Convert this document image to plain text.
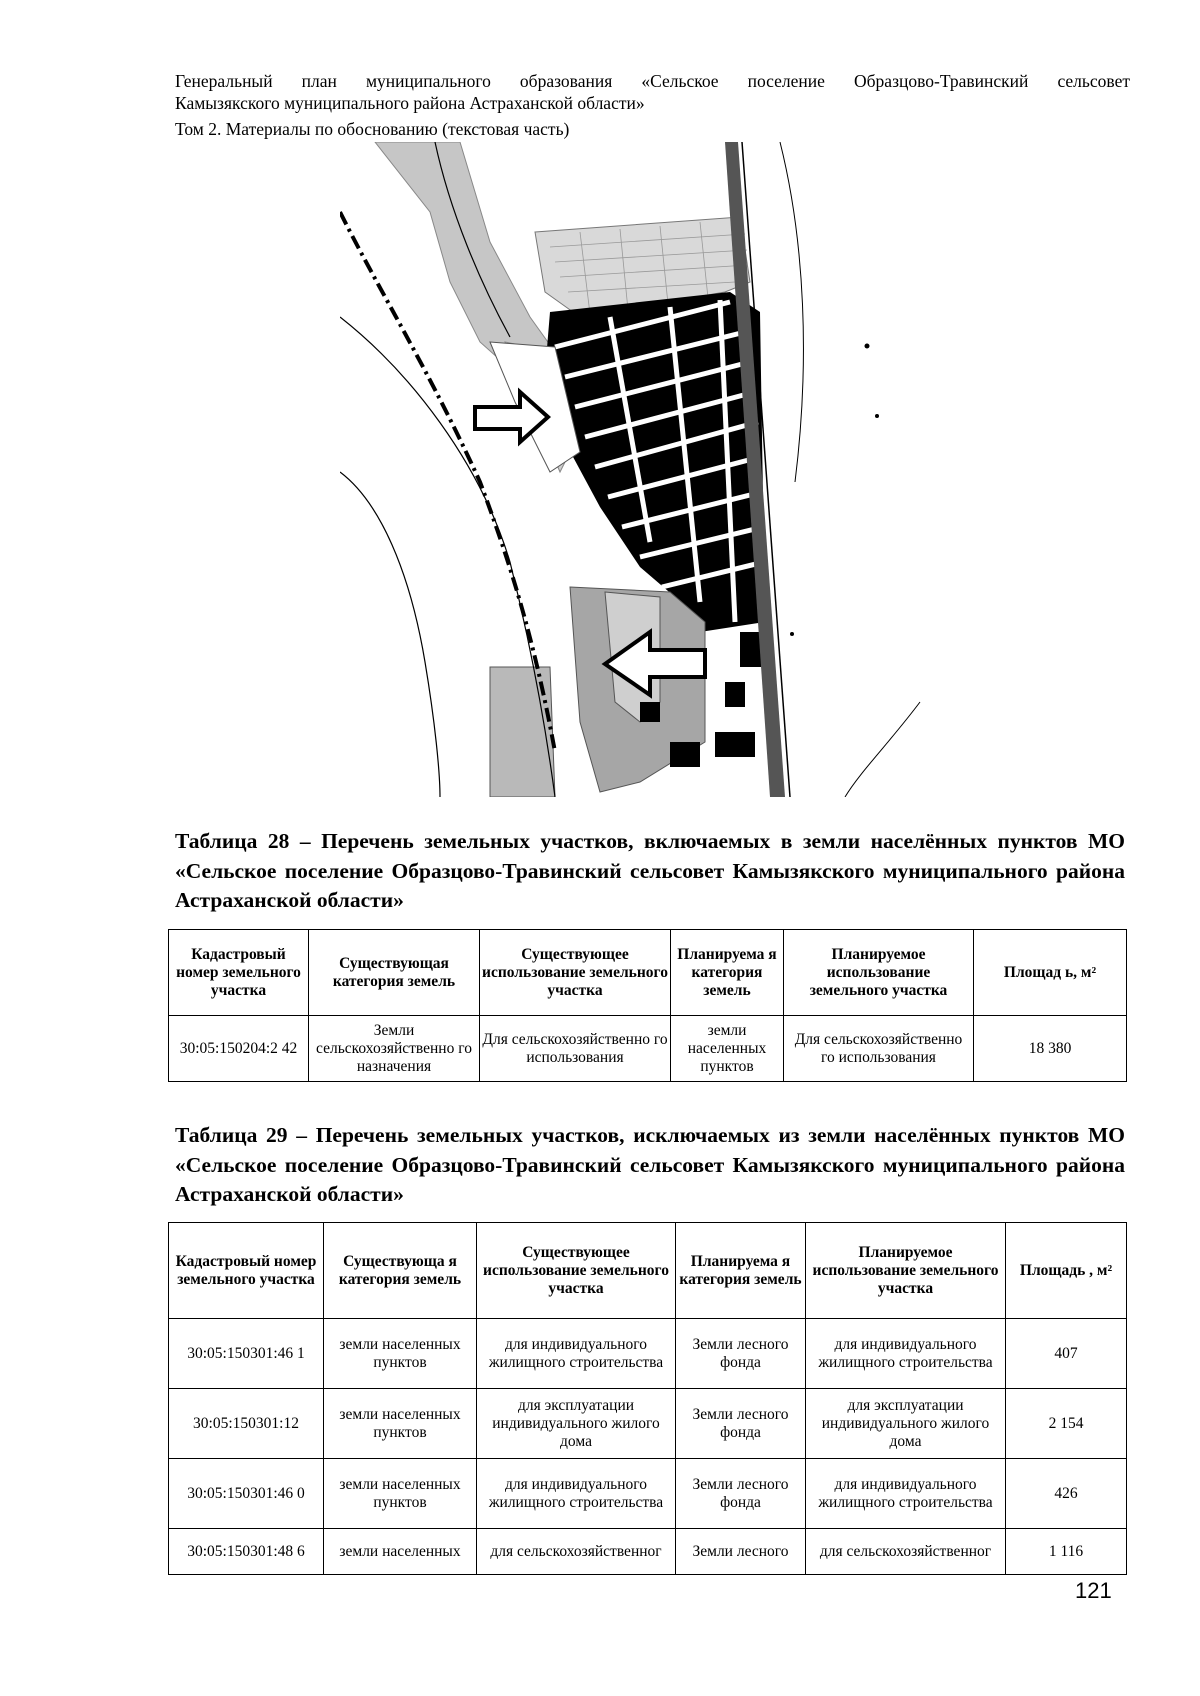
Генеральный план муниципального образования «Сельское поселение Образцово-Травинский сельсовет
Камызякского муниципального района Астраханской области»
Том 2. Материалы по обоснованию (текстовая часть)
Таблица 28 – Перечень земельных участков, включаемых в земли населённых пунктов МО «Сельское поселение Образцово-Травинский сельсовет Камызякского муниципального района Астраханской области»
Кадастровый номер земельного участка	Существующая категория земель	Существующее использование земельного участка	Планируема я категория земель	Планируемое использование земельного участка	Площад ь, м²
30:05:150204:2 42	Земли сельскохозяйственно го назначения	Для сельскохозяйственно го использования	земли населенных пунктов	Для сельскохозяйственно го использования	18 380
Таблица 29 – Перечень земельных участков, исключаемых из земли населённых пунктов МО «Сельское поселение Образцово-Травинский сельсовет Камызякского муниципального района Астраханской области»
Кадастровый номер земельного участка	Существующа я категория земель	Существующее использование земельного участка	Планируема я категория земель	Планируемое использование земельного участка	Площадь , м²
30:05:150301:46 1	земли населенных пунктов	для индивидуального жилищного строительства	Земли лесного фонда	для индивидуального жилищного строительства	407
30:05:150301:12	земли населенных пунктов	для эксплуатации индивидуального жилого дома	Земли лесного фонда	для эксплуатации индивидуального жилого дома	2 154
30:05:150301:46 0	земли населенных пунктов	для индивидуального жилищного строительства	Земли лесного фонда	для индивидуального жилищного строительства	426
30:05:150301:48 6	земли населенных	для сельскохозяйственног	Земли лесного	для сельскохозяйственног	1 116
121
